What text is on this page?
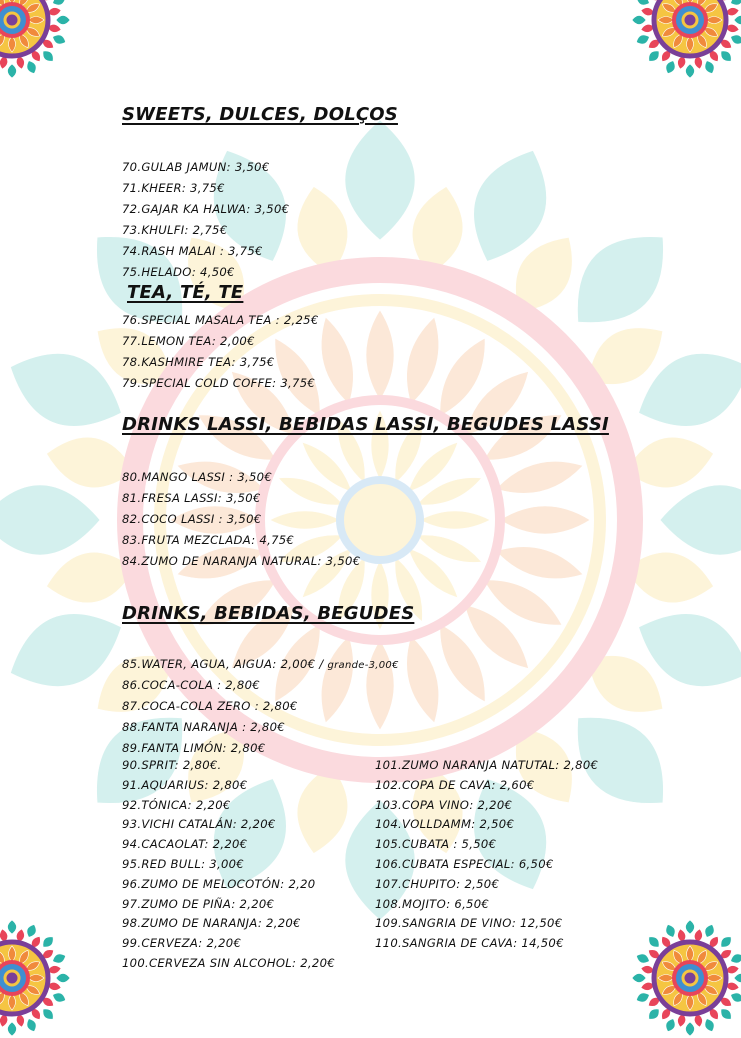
SWEETS, DULCES, DOLÇOS
70.GULAB JAMUN: 3,50€
71.KHEER: 3,75€
72.GAJAR KA HALWA: 3,50€
73.KHULFI: 2,75€
74.RASH MALAI : 3,75€
75.HELADO: 4,50€
TEA, TÉ, TE
76.SPECIAL MASALA TEA : 2,25€
77.LEMON TEA: 2,00€
78.KASHMIRE TEA: 3,75€
79.SPECIAL COLD COFFE: 3,75€
DRINKS LASSI, BEBIDAS LASSI, BEGUDES LASSI
80.MANGO LASSI : 3,50€
81.FRESA LASSI: 3,50€
82.COCO LASSI : 3,50€
83.FRUTA MEZCLADA: 4,75€
84.ZUMO DE NARANJA NATURAL: 3,50€
DRINKS, BEBIDAS, BEGUDES
85.WATER, AGUA, AIGUA: 2,00€ / grande-3,00€
86.COCA-COLA : 2,80€
87.COCA-COLA ZERO : 2,80€
88.FANTA NARANJA : 2,80€
89.FANTA LIMÓN: 2,80€
90.SPRIT: 2,80€.
91.AQUARIUS: 2,80€
92.TÓNICA: 2,20€
93.VICHI CATALÁN: 2,20€
94.CACAOLAT: 2,20€
95.RED BULL: 3,00€
96.ZUMO DE MELOCOTÓN: 2,20
97.ZUMO DE PIÑA: 2,20€
98.ZUMO DE NARANJA: 2,20€
99.CERVEZA: 2,20€
100.CERVEZA SIN ALCOHOL: 2,20€
101.ZUMO NARANJA NATUTAL: 2,80€
102.COPA DE CAVA: 2,60€
103.COPA VINO: 2,20€
104.VOLLDAMM: 2,50€
105.CUBATA : 5,50€
106.CUBATA ESPECIAL: 6,50€
107.CHUPITO: 2,50€
108.MOJITO: 6,50€
109.SANGRIA DE VINO: 12,50€
110.SANGRIA DE CAVA: 14,50€
